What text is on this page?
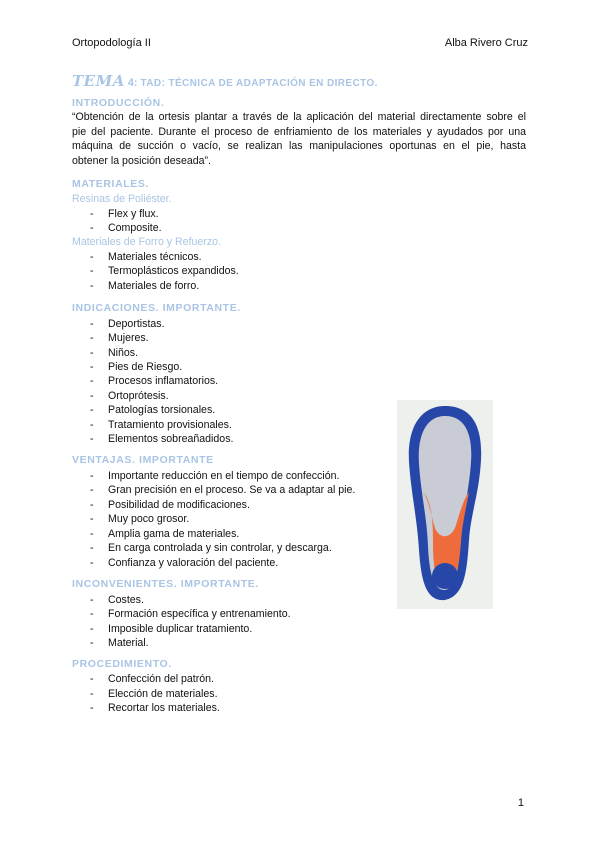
Ortopodología II	Alba Rivero Cruz
TEMA 4: TAD: TÉCNICA DE ADAPTACIÓN EN DIRECTO.
INTRODUCCIÓN.
“Obtención de la ortesis plantar a través de la aplicación del material directamente sobre el
pie del paciente. Durante el proceso de enfriamiento de los materiales y ayudados por una
máquina de succión o vacío, se realizan las manipulaciones oportunas en el pie, hasta
obtener la posición deseada”.
MATERIALES.
Resinas de Poliéster.
- Flex y flux.
- Composite.
Materiales de Forro y Refuerzo.
- Materiales técnicos.
- Termoplásticos expandidos.
- Materiales de forro.
INDICACIONES. IMPORTANTE.
- Deportistas.
- Mujeres.
- Niños.
- Pies de Riesgo.
- Procesos inflamatorios.
- Ortoprótesis.
- Patologías torsionales.
- Tratamiento provisionales.
- Elementos sobreañadidos.
VENTAJAS. IMPORTANTE
- Importante reducción en el tiempo de confección.
- Gran precisión en el proceso. Se va a adaptar al pie.
- Posibilidad de modificaciones.
- Muy poco grosor.
- Amplia gama de materiales.
- En carga controlada y sin controlar, y descarga.
- Confianza y valoración del paciente.
INCONVENIENTES. IMPORTANTE.
- Costes.
- Formación específica y entrenamiento.
- Imposible duplicar tratamiento.
- Material.
PROCEDIMIENTO.
- Confección del patrón.
- Elección de materiales.
- Recortar los materiales.
1
